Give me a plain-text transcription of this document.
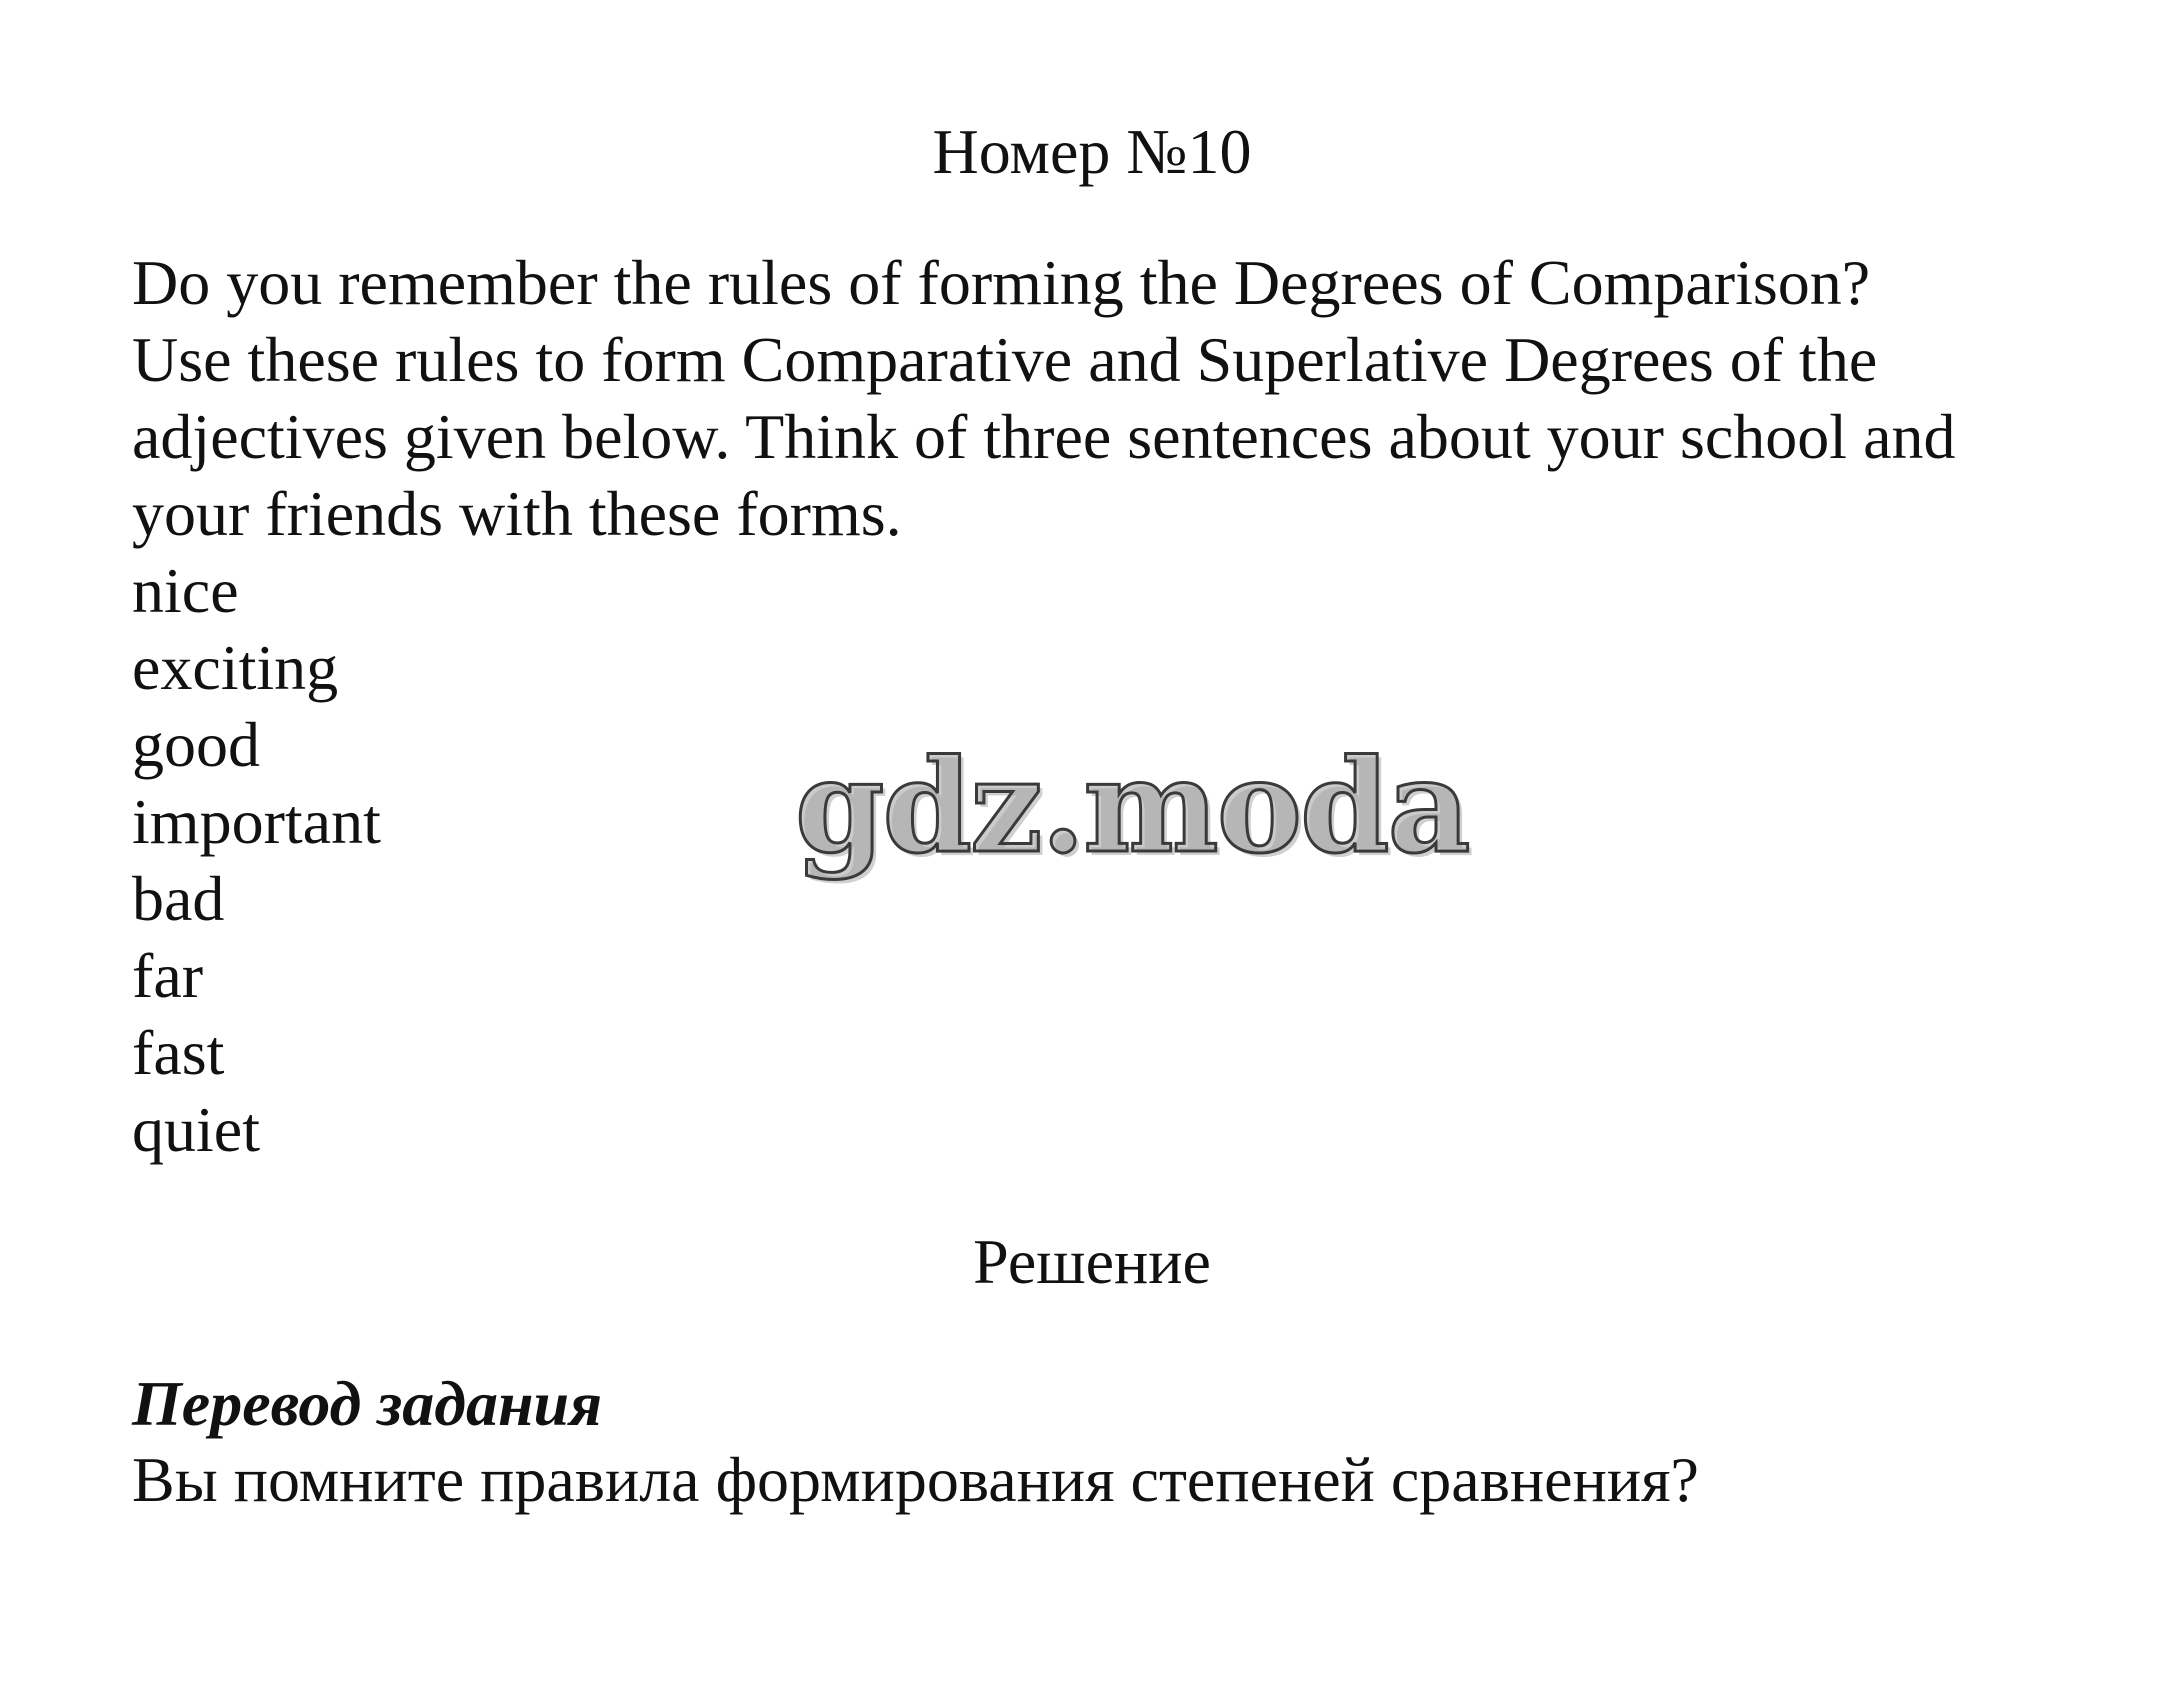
Номер №10
Do you remember the rules of forming the Degrees of Comparison?
Use these rules to form Comparative and Superlative Degrees of the
adjectives given below. Think of three sentences about your school and
your friends with these forms.
nice
exciting
good
important
bad
far
fast
quiet
gdz.moda
Решение
Перевод задания
Вы помните правила формирования степеней сравнения?
